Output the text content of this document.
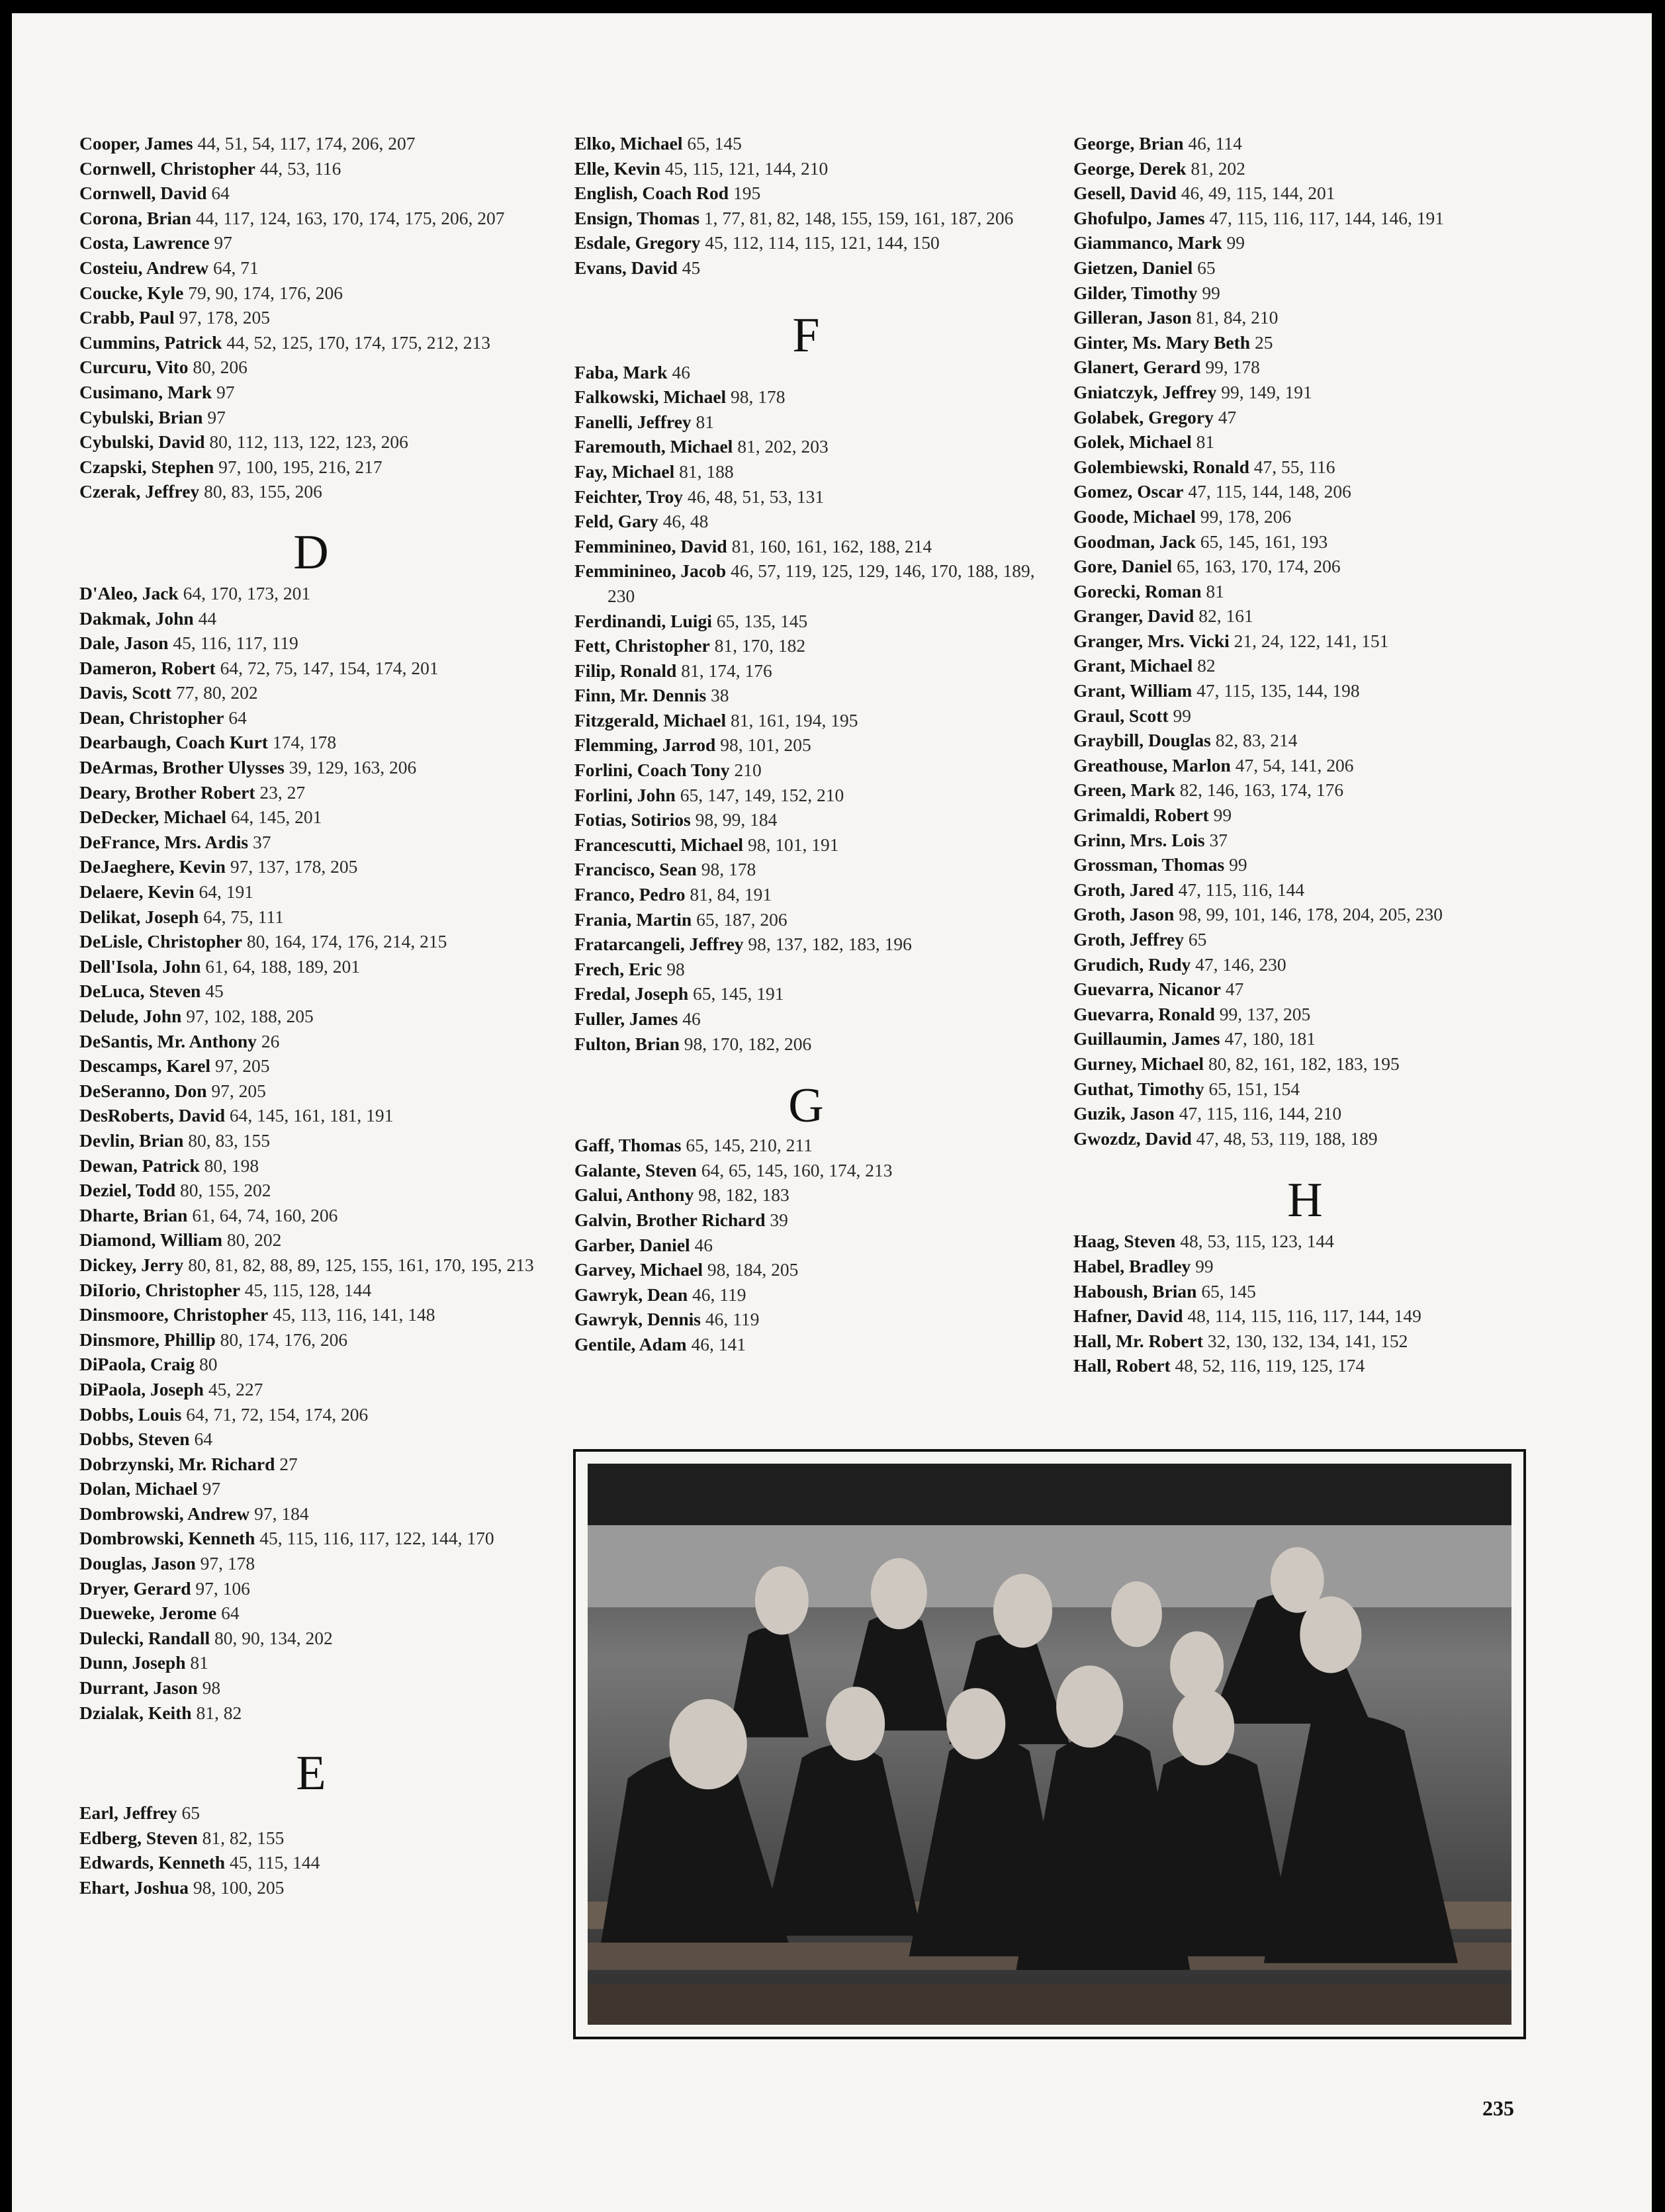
Cooper, James 44, 51, 54, 117, 174, 206, 207
Cornwell, Christopher 44, 53, 116
Cornwell, David 64
Corona, Brian 44, 117, 124, 163, 170, 174, 175, 206, 207
Costa, Lawrence 97
Costeiu, Andrew 64, 71
Coucke, Kyle 79, 90, 174, 176, 206
Crabb, Paul 97, 178, 205
Cummins, Patrick 44, 52, 125, 170, 174, 175, 212, 213
Curcuru, Vito 80, 206
Cusimano, Mark 97
Cybulski, Brian 97
Cybulski, David 80, 112, 113, 122, 123, 206
Czapski, Stephen 97, 100, 195, 216, 217
Czerak, Jeffrey 80, 83, 155, 206
D
D'Aleo, Jack 64, 170, 173, 201
Dakmak, John 44
Dale, Jason 45, 116, 117, 119
Dameron, Robert 64, 72, 75, 147, 154, 174, 201
Davis, Scott 77, 80, 202
Dean, Christopher 64
Dearbaugh, Coach Kurt 174, 178
DeArmas, Brother Ulysses 39, 129, 163, 206
Deary, Brother Robert 23, 27
DeDecker, Michael 64, 145, 201
DeFrance, Mrs. Ardis 37
DeJaeghere, Kevin 97, 137, 178, 205
Delaere, Kevin 64, 191
Delikat, Joseph 64, 75, 111
DeLisle, Christopher 80, 164, 174, 176, 214, 215
Dell'Isola, John 61, 64, 188, 189, 201
DeLuca, Steven 45
Delude, John 97, 102, 188, 205
DeSantis, Mr. Anthony 26
Descamps, Karel 97, 205
DeSeranno, Don 97, 205
DesRoberts, David 64, 145, 161, 181, 191
Devlin, Brian 80, 83, 155
Dewan, Patrick 80, 198
Deziel, Todd 80, 155, 202
Dharte, Brian 61, 64, 74, 160, 206
Diamond, William 80, 202
Dickey, Jerry 80, 81, 82, 88, 89, 125, 155, 161, 170, 195, 213
DiIorio, Christopher 45, 115, 128, 144
Dinsmoore, Christopher 45, 113, 116, 141, 148
Dinsmore, Phillip 80, 174, 176, 206
DiPaola, Craig 80
DiPaola, Joseph 45, 227
Dobbs, Louis 64, 71, 72, 154, 174, 206
Dobbs, Steven 64
Dobrzynski, Mr. Richard 27
Dolan, Michael 97
Dombrowski, Andrew 97, 184
Dombrowski, Kenneth 45, 115, 116, 117, 122, 144, 170
Douglas, Jason 97, 178
Dryer, Gerard 97, 106
Dueweke, Jerome 64
Dulecki, Randall 80, 90, 134, 202
Dunn, Joseph 81
Durrant, Jason 98
Dzialak, Keith 81, 82
E
Earl, Jeffrey 65
Edberg, Steven 81, 82, 155
Edwards, Kenneth 45, 115, 144
Ehart, Joshua 98, 100, 205
Elko, Michael 65, 145
Elle, Kevin 45, 115, 121, 144, 210
English, Coach Rod 195
Ensign, Thomas 1, 77, 81, 82, 148, 155, 159, 161, 187, 206
Esdale, Gregory 45, 112, 114, 115, 121, 144, 150
Evans, David 45
F
Faba, Mark 46
Falkowski, Michael 98, 178
Fanelli, Jeffrey 81
Faremouth, Michael 81, 202, 203
Fay, Michael 81, 188
Feichter, Troy 46, 48, 51, 53, 131
Feld, Gary 46, 48
Femminineo, David 81, 160, 161, 162, 188, 214
Femminineo, Jacob 46, 57, 119, 125, 129, 146, 170, 188, 189, 230
Ferdinandi, Luigi 65, 135, 145
Fett, Christopher 81, 170, 182
Filip, Ronald 81, 174, 176
Finn, Mr. Dennis 38
Fitzgerald, Michael 81, 161, 194, 195
Flemming, Jarrod 98, 101, 205
Forlini, Coach Tony 210
Forlini, John 65, 147, 149, 152, 210
Fotias, Sotirios 98, 99, 184
Francescutti, Michael 98, 101, 191
Francisco, Sean 98, 178
Franco, Pedro 81, 84, 191
Frania, Martin 65, 187, 206
Fratarcangeli, Jeffrey 98, 137, 182, 183, 196
Frech, Eric 98
Fredal, Joseph 65, 145, 191
Fuller, James 46
Fulton, Brian 98, 170, 182, 206
G
Gaff, Thomas 65, 145, 210, 211
Galante, Steven 64, 65, 145, 160, 174, 213
Galui, Anthony 98, 182, 183
Galvin, Brother Richard 39
Garber, Daniel 46
Garvey, Michael 98, 184, 205
Gawryk, Dean 46, 119
Gawryk, Dennis 46, 119
Gentile, Adam 46, 141
George, Brian 46, 114
George, Derek 81, 202
Gesell, David 46, 49, 115, 144, 201
Ghofulpo, James 47, 115, 116, 117, 144, 146, 191
Giammanco, Mark 99
Gietzen, Daniel 65
Gilder, Timothy 99
Gilleran, Jason 81, 84, 210
Ginter, Ms. Mary Beth 25
Glanert, Gerard 99, 178
Gniatczyk, Jeffrey 99, 149, 191
Golabek, Gregory 47
Golek, Michael 81
Golembiewski, Ronald 47, 55, 116
Gomez, Oscar 47, 115, 144, 148, 206
Goode, Michael 99, 178, 206
Goodman, Jack 65, 145, 161, 193
Gore, Daniel 65, 163, 170, 174, 206
Gorecki, Roman 81
Granger, David 82, 161
Granger, Mrs. Vicki 21, 24, 122, 141, 151
Grant, Michael 82
Grant, William 47, 115, 135, 144, 198
Graul, Scott 99
Graybill, Douglas 82, 83, 214
Greathouse, Marlon 47, 54, 141, 206
Green, Mark 82, 146, 163, 174, 176
Grimaldi, Robert 99
Grinn, Mrs. Lois 37
Grossman, Thomas 99
Groth, Jared 47, 115, 116, 144
Groth, Jason 98, 99, 101, 146, 178, 204, 205, 230
Groth, Jeffrey 65
Grudich, Rudy 47, 146, 230
Guevarra, Nicanor 47
Guevarra, Ronald 99, 137, 205
Guillaumin, James 47, 180, 181
Gurney, Michael 80, 82, 161, 182, 183, 195
Guthat, Timothy 65, 151, 154
Guzik, Jason 47, 115, 116, 144, 210
Gwozdz, David 47, 48, 53, 119, 188, 189
H
Haag, Steven 48, 53, 115, 123, 144
Habel, Bradley 99
Haboush, Brian 65, 145
Hafner, David 48, 114, 115, 116, 117, 144, 149
Hall, Mr. Robert 32, 130, 132, 134, 141, 152
Hall, Robert 48, 52, 116, 119, 125, 174
235
